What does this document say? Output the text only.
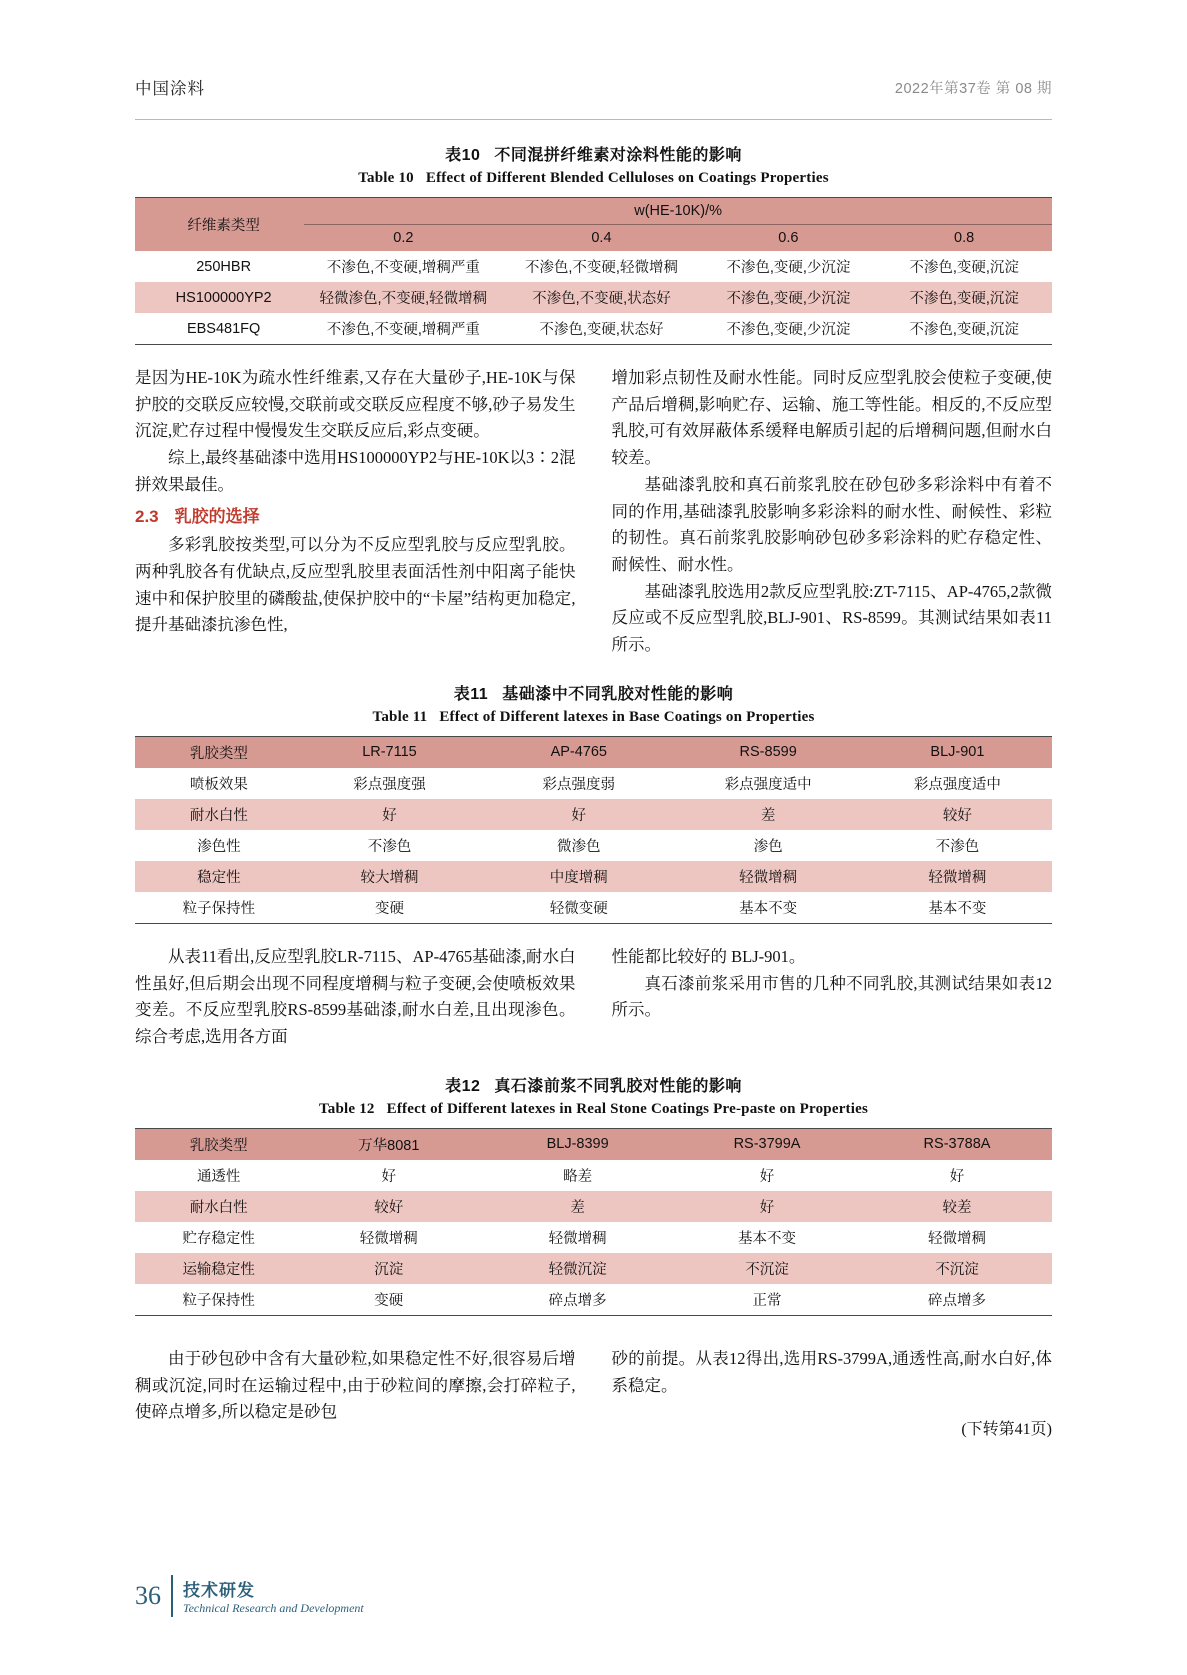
中国涂料	2022年第37卷 第 08 期
表10 不同混拼纤维素对涂料性能的影响
Table 10 Effect of Different Blended Celluloses on Coatings Properties
纤维素类型	w(HE-10K)/%			
	0.2	0.4	0.6	0.8
250HBR	不渗色,不变硬,增稠严重	不渗色,不变硬,轻微增稠	不渗色,变硬,少沉淀	不渗色,变硬,沉淀
HS100000YP2	轻微渗色,不变硬,轻微增稠	不渗色,不变硬,状态好	不渗色,变硬,少沉淀	不渗色,变硬,沉淀
EBS481FQ	不渗色,不变硬,增稠严重	不渗色,变硬,状态好	不渗色,变硬,少沉淀	不渗色,变硬,沉淀

是因为HE-10K为疏水性纤维素,又存在大量砂子,HE-10K与保护胶的交联反应较慢,交联前或交联反应程度不够,砂子易发生沉淀,贮存过程中慢慢发生交联反应后,彩点变硬。

综上,最终基础漆中选用HS100000YP2与HE-10K以3∶2混拼效果最佳。

2.3 乳胶的选择

多彩乳胶按类型,可以分为不反应型乳胶与反应型乳胶。两种乳胶各有优缺点,反应型乳胶里表面活性剂中阳离子能快速中和保护胶里的磷酸盐,使保护胶中的“卡屋”结构更加稳定,提升基础漆抗渗色性,

增加彩点韧性及耐水性能。同时反应型乳胶会使粒子变硬,使产品后增稠,影响贮存、运输、施工等性能。相反的,不反应型乳胶,可有效屏蔽体系缓释电解质引起的后增稠问题,但耐水白较差。

基础漆乳胶和真石前浆乳胶在砂包砂多彩涂料中有着不同的作用,基础漆乳胶影响多彩涂料的耐水性、耐候性、彩粒的韧性。真石前浆乳胶影响砂包砂多彩涂料的贮存稳定性、耐候性、耐水性。

基础漆乳胶选用2款反应型乳胶:ZT-7115、AP-4765,2款微反应或不反应型乳胶,BLJ-901、RS-8599。其测试结果如表11所示。

表11 基础漆中不同乳胶对性能的影响
Table 11 Effect of Different latexes in Base Coatings on Properties
乳胶类型	LR-7115	AP-4765	RS-8599	BLJ-901
喷板效果	彩点强度强	彩点强度弱	彩点强度适中	彩点强度适中
耐水白性	好	好	差	较好
渗色性	不渗色	微渗色	渗色	不渗色
稳定性	较大增稠	中度增稠	轻微增稠	轻微增稠
粒子保持性	变硬	轻微变硬	基本不变	基本不变

从表11看出,反应型乳胶LR-7115、AP-4765基础漆,耐水白性虽好,但后期会出现不同程度增稠与粒子变硬,会使喷板效果变差。不反应型乳胶RS-8599基础漆,耐水白差,且出现渗色。综合考虑,选用各方面

性能都比较好的 BLJ-901。

真石漆前浆采用市售的几种不同乳胶,其测试结果如表12所示。

表12 真石漆前浆不同乳胶对性能的影响
Table 12 Effect of Different latexes in Real Stone Coatings Pre-paste on Properties
乳胶类型	万华8081	BLJ-8399	RS-3799A	RS-3788A
通透性	好	略差	好	好
耐水白性	较好	差	好	较差
贮存稳定性	轻微增稠	轻微增稠	基本不变	轻微增稠
运输稳定性	沉淀	轻微沉淀	不沉淀	不沉淀
粒子保持性	变硬	碎点增多	正常	碎点增多

由于砂包砂中含有大量砂粒,如果稳定性不好,很容易后增稠或沉淀,同时在运输过程中,由于砂粒间的摩擦,会打碎粒子,使碎点增多,所以稳定是砂包

砂的前提。从表12得出,选用RS-3799A,通透性高,耐水白好,体系稳定。

(下转第41页)
36 技术研发
Technical Research and Development
